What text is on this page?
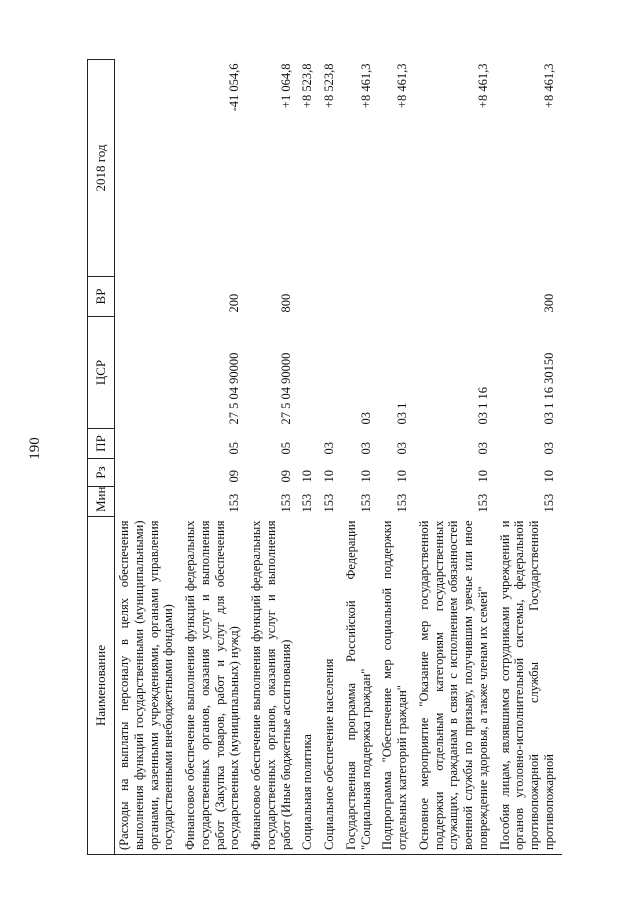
190
Наименование	Мин	Рз	ПР	ЦСР	ВР	2018 год
(Расходы на выплаты персоналу в целях обеспечения выполнения функций государственными (муниципальными) органами, казенными учреждениями, органами управления государственными внебюджетными фондами)						
Финансовое обеспечение выполнения функций федеральных государственных органов, оказания услуг и выполнения работ (Закупка товаров, работ и услуг для обеспечения государственных (муниципальных) нужд)	153	09	05	27 5 04 90000	200	-41 054,6
Финансовое обеспечение выполнения функций федеральных государственных органов, оказания услуг и выполнения работ (Иные бюджетные ассигнования)	153	09	05	27 5 04 90000	800	+1 064,8
Социальная политика	153	10				+8 523,8
Социальное обеспечение населения	153	10	03			+8 523,8
Государственная программа Российской Федерации "Социальная поддержка граждан"	153	10	03	03		+8 461,3
Подпрограмма "Обеспечение мер социальной поддержки отдельных категорий граждан"	153	10	03	03 1		+8 461,3
Основное мероприятие "Оказание мер государственной поддержки отдельным категориям государственных служащих, гражданам в связи с исполнением обязанностей военной службы по призыву, получившим увечье или иное повреждение здоровья, а также членам их семей"	153	10	03	03 1 16		+8 461,3
Пособия лицам, являвшимся сотрудниками учреждений и органов уголовно-исполнительной системы, федеральной противопожарной службы Государственной противопожарной	153	10	03	03 1 16 30150	300	+8 461,3
